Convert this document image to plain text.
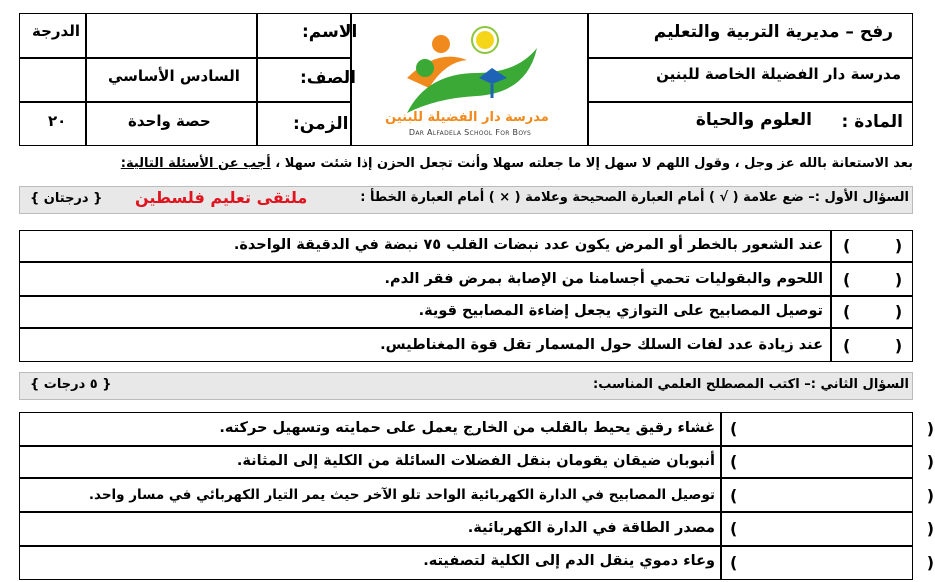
رفح – مديرية التربية والتعليم
مدرسة دار الفضيلة الخاصة للبنين
المادة :
العلوم والحياة
مدرسة دار الفضيلة للبنين
Dar Alfadela School For Boys
الاسم:
الصف:
السادس الأساسي
الزمن:
حصة واحدة
الدرجة
٢٠
بعد الاستعانة بالله عز وجل ، وقول اللهم لا سهل إلا ما جعلته سهلا وأنت تجعل الحزن إذا شئت سهلا ، أجب عن الأسئلة التالية:
السؤال الأول :– ضع علامة ( √ ) أمام العبارة الصحيحة وعلامة ( × ) أمام العبارة الخطأ :
ملتقى تعليم فلسطين
{ درجتان }
(        )
(        )
(        )
(        )
عند الشعور بالخطر أو المرض يكون عدد نبضات القلب ٧٥ نبضة في الدقيقة الواحدة.
اللحوم والبقوليات تحمي أجسامنا من الإصابة بمرض فقر الدم.
توصيل المصابيح على التوازي يجعل إضاءة المصابيح قوية.
عند زيادة عدد لفات السلك حول المسمار تقل قوة المغناطيس.
السؤال الثاني :– اكتب المصطلح العلمي المناسب:
{ ٥ درجات }
(                                  )
(                                  )
(                                  )
(                                  )
(                                  )
غشاء رقيق يحيط بالقلب من الخارج يعمل على حمايته وتسهيل حركته.
أنبوبان ضيقان يقومان بنقل الفضلات السائلة من الكلية إلى المثانة.
توصيل المصابيح في الدارة الكهربائية الواحد تلو الآخر حيث يمر التيار الكهربائي في مسار واحد.
مصدر الطاقة في الدارة الكهربائية.
وعاء دموي ينقل الدم إلى الكلية لتصفيته.
